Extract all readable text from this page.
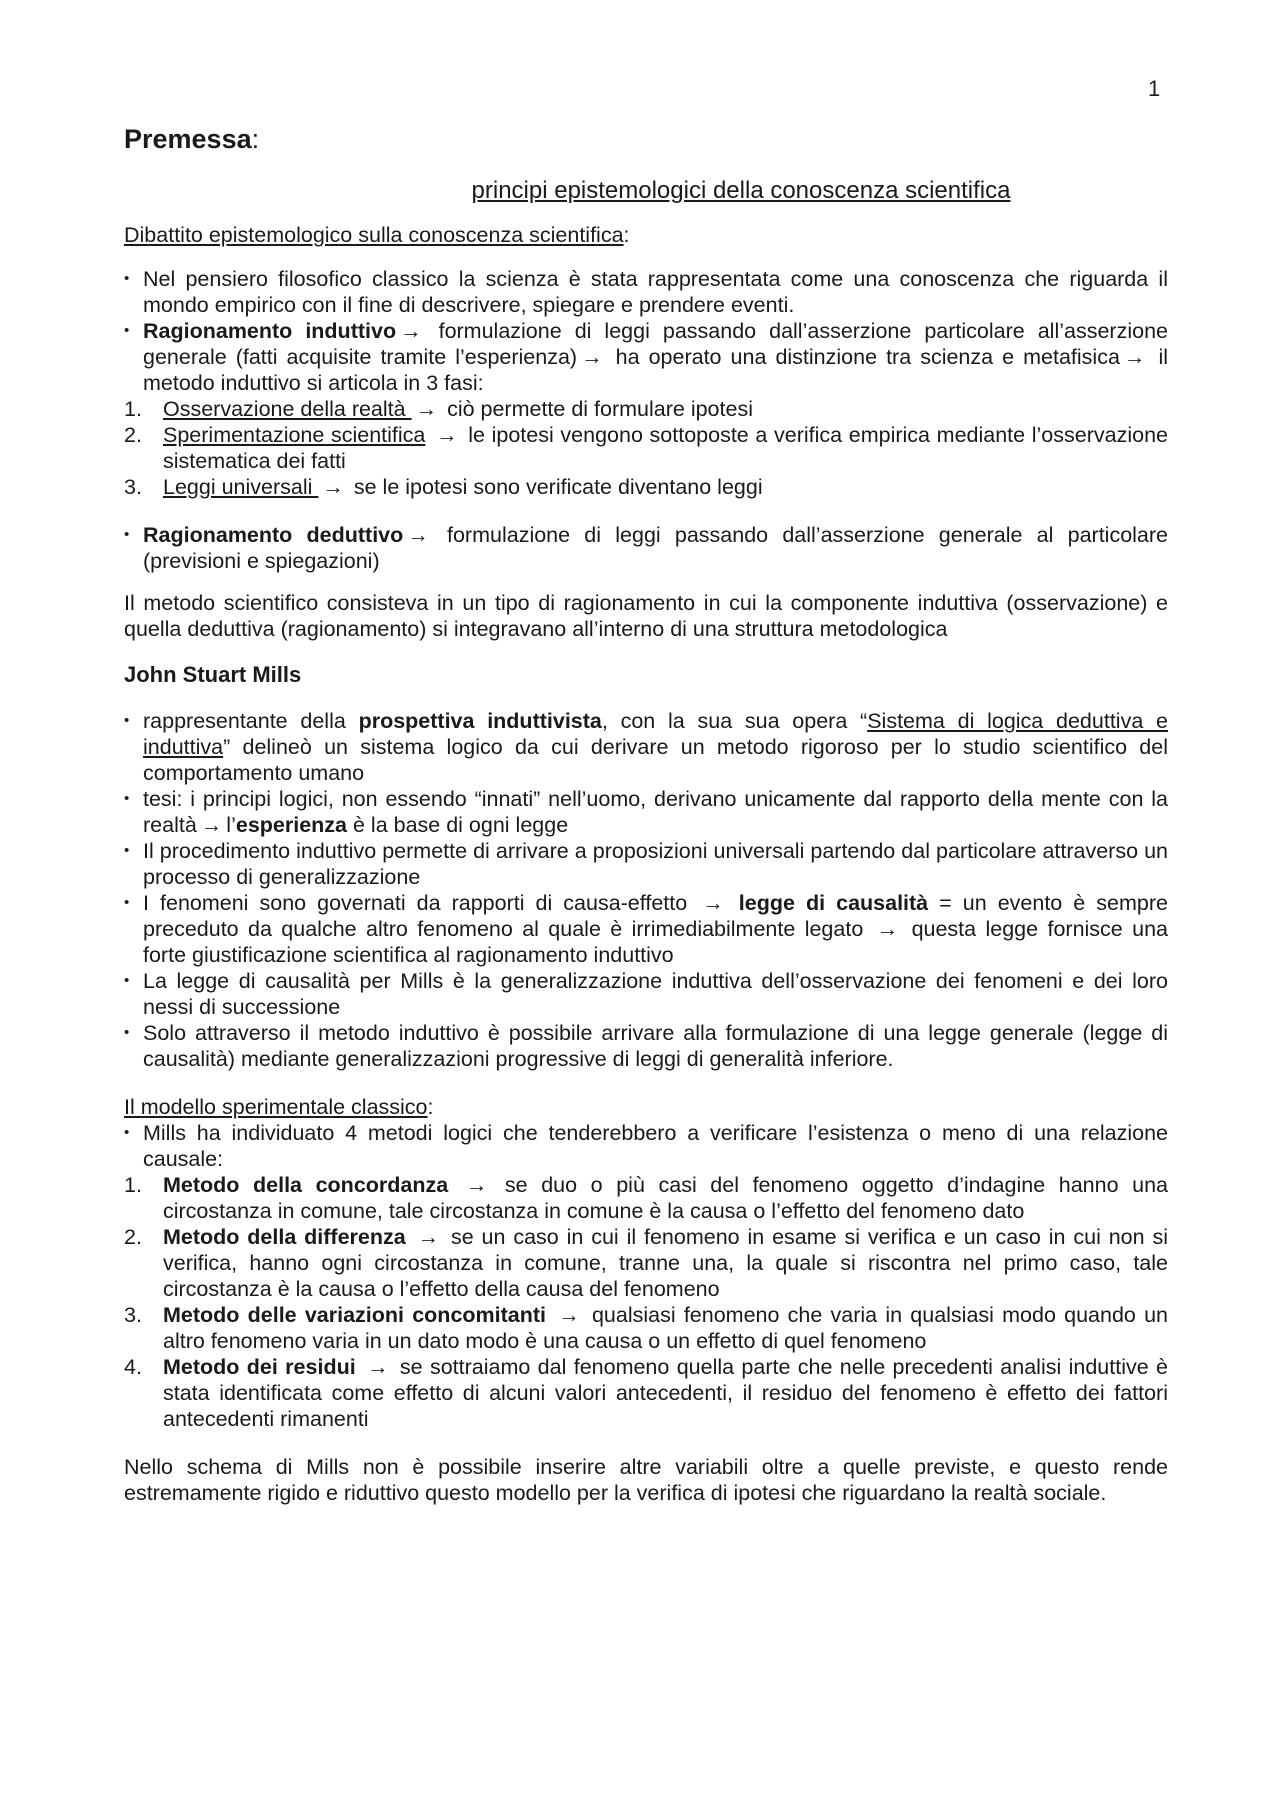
1
Premessa:
principi epistemologici della conoscenza scientifica
Dibattito epistemologico sulla conoscenza scientifica:
• Nel pensiero filosofico classico la scienza è stata rappresentata come una conoscenza che riguarda il mondo empirico con il fine di descrivere, spiegare e prendere eventi.
• Ragionamento induttivo → formulazione di leggi passando dall’asserzione particolare all’asserzione generale (fatti acquisite tramite l’esperienza) → ha operato una distinzione tra scienza e metafisica → il metodo induttivo si articola in 3 fasi:
1. Osservazione della realtà → ciò permette di formulare ipotesi
2. Sperimentazione scientifica → le ipotesi vengono sottoposte a verifica empirica mediante l’osservazione sistematica dei fatti
3. Leggi universali → se le ipotesi sono verificate diventano leggi
• Ragionamento deduttivo → formulazione di leggi passando dall’asserzione generale al particolare (previsioni e spiegazioni)
Il metodo scientifico consisteva in un tipo di ragionamento in cui la componente induttiva (osservazione) e quella deduttiva (ragionamento) si integravano all’interno di una struttura metodologica
John Stuart Mills
• rappresentante della prospettiva induttivista, con la sua sua opera “Sistema di logica deduttiva e induttiva” delineò un sistema logico da cui derivare un metodo rigoroso per lo studio scientifico del comportamento umano
• tesi: i principi logici, non essendo “innati” nell’uomo, derivano unicamente dal rapporto della mente con la realtà → l’esperienza è la base di ogni legge
• Il procedimento induttivo permette di arrivare a proposizioni universali partendo dal particolare attraverso un processo di generalizzazione
• I fenomeni sono governati da rapporti di causa-effetto → legge di causalità = un evento è sempre preceduto da qualche altro fenomeno al quale è irrimediabilmente legato → questa legge fornisce una forte giustificazione scientifica al ragionamento induttivo
• La legge di causalità per Mills è la generalizzazione induttiva dell’osservazione dei fenomeni e dei loro nessi di successione
• Solo attraverso il metodo induttivo è possibile arrivare alla formulazione di una legge generale (legge di causalità) mediante generalizzazioni progressive di leggi di generalità inferiore.
Il modello sperimentale classico:
• Mills ha individuato 4 metodi logici che tenderebbero a verificare l’esistenza o meno di una relazione causale:
1. Metodo della concordanza → se duo o più casi del fenomeno oggetto d’indagine hanno una circostanza in comune, tale circostanza in comune è la causa o l’effetto del fenomeno dato
2. Metodo della differenza → se un caso in cui il fenomeno in esame si verifica e un caso in cui non si verifica, hanno ogni circostanza in comune, tranne una, la quale si riscontra nel primo caso, tale circostanza è la causa o l’effetto della causa del fenomeno
3. Metodo delle variazioni concomitanti → qualsiasi fenomeno che varia in qualsiasi modo quando un altro fenomeno varia in un dato modo è una causa o un effetto di quel fenomeno
4. Metodo dei residui → se sottraiamo dal fenomeno quella parte che nelle precedenti analisi induttive è stata identificata come effetto di alcuni valori antecedenti, il residuo del fenomeno è effetto dei fattori antecedenti rimanenti
Nello schema di Mills non è possibile inserire altre variabili oltre a quelle previste, e questo rende estremamente rigido e riduttivo questo modello per la verifica di ipotesi che riguardano la realtà sociale.
